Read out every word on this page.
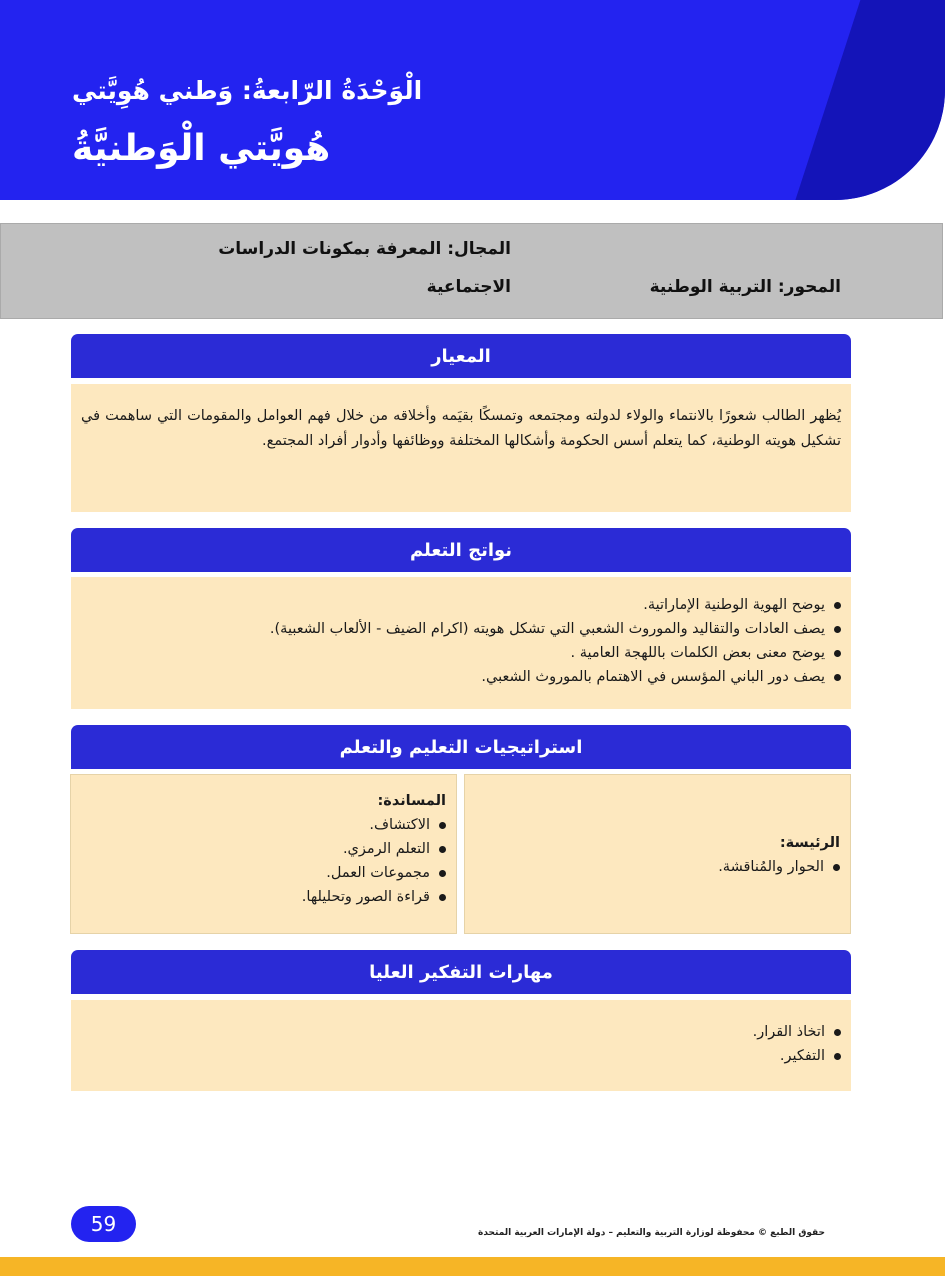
الْوَحْدَةُ الرّابعةُ: وَطني هُوِيَّتي
هُويَّتي الْوَطنيَّةُ
المجال: المعرفة بمكونات الدراسات الاجتماعية	المحور: التربية الوطنية
المعيار
يُظهر الطالب شعورًا بالانتماء والولاء لدولته ومجتمعه وتمسكًا بقيَمه وأخلاقه من خلال فهم العوامل والمقومات التي ساهمت في تشكيل هويته الوطنية، كما يتعلم أسس الحكومة وأشكالها المختلفة ووظائفها وأدوار أفراد المجتمع.
نواتج التعلم
يوضح الهوية الوطنية الإماراتية.
يصف العادات والتقاليد والموروث الشعبي التي تشكل هويته (اكرام الضيف - الألعاب الشعبية).
يوضح معنى بعض الكلمات باللهجة العامية .
يصف دور الباني المؤسس في الاهتمام بالموروث الشعبي.
استراتيجيات التعليم والتعلم
الرئيسة:
الحوار والمُناقشة.
المساندة:
الاكتشاف.
التعلم الرمزي.
مجموعات العمل.
قراءة الصور وتحليلها.
مهارات التفكير العليا
اتخاذ القرار.
التفكير.
59	حقوق الطبع © محفوظة لوزارة التربية والتعليم – دولة الإمارات العربية المتحدة
